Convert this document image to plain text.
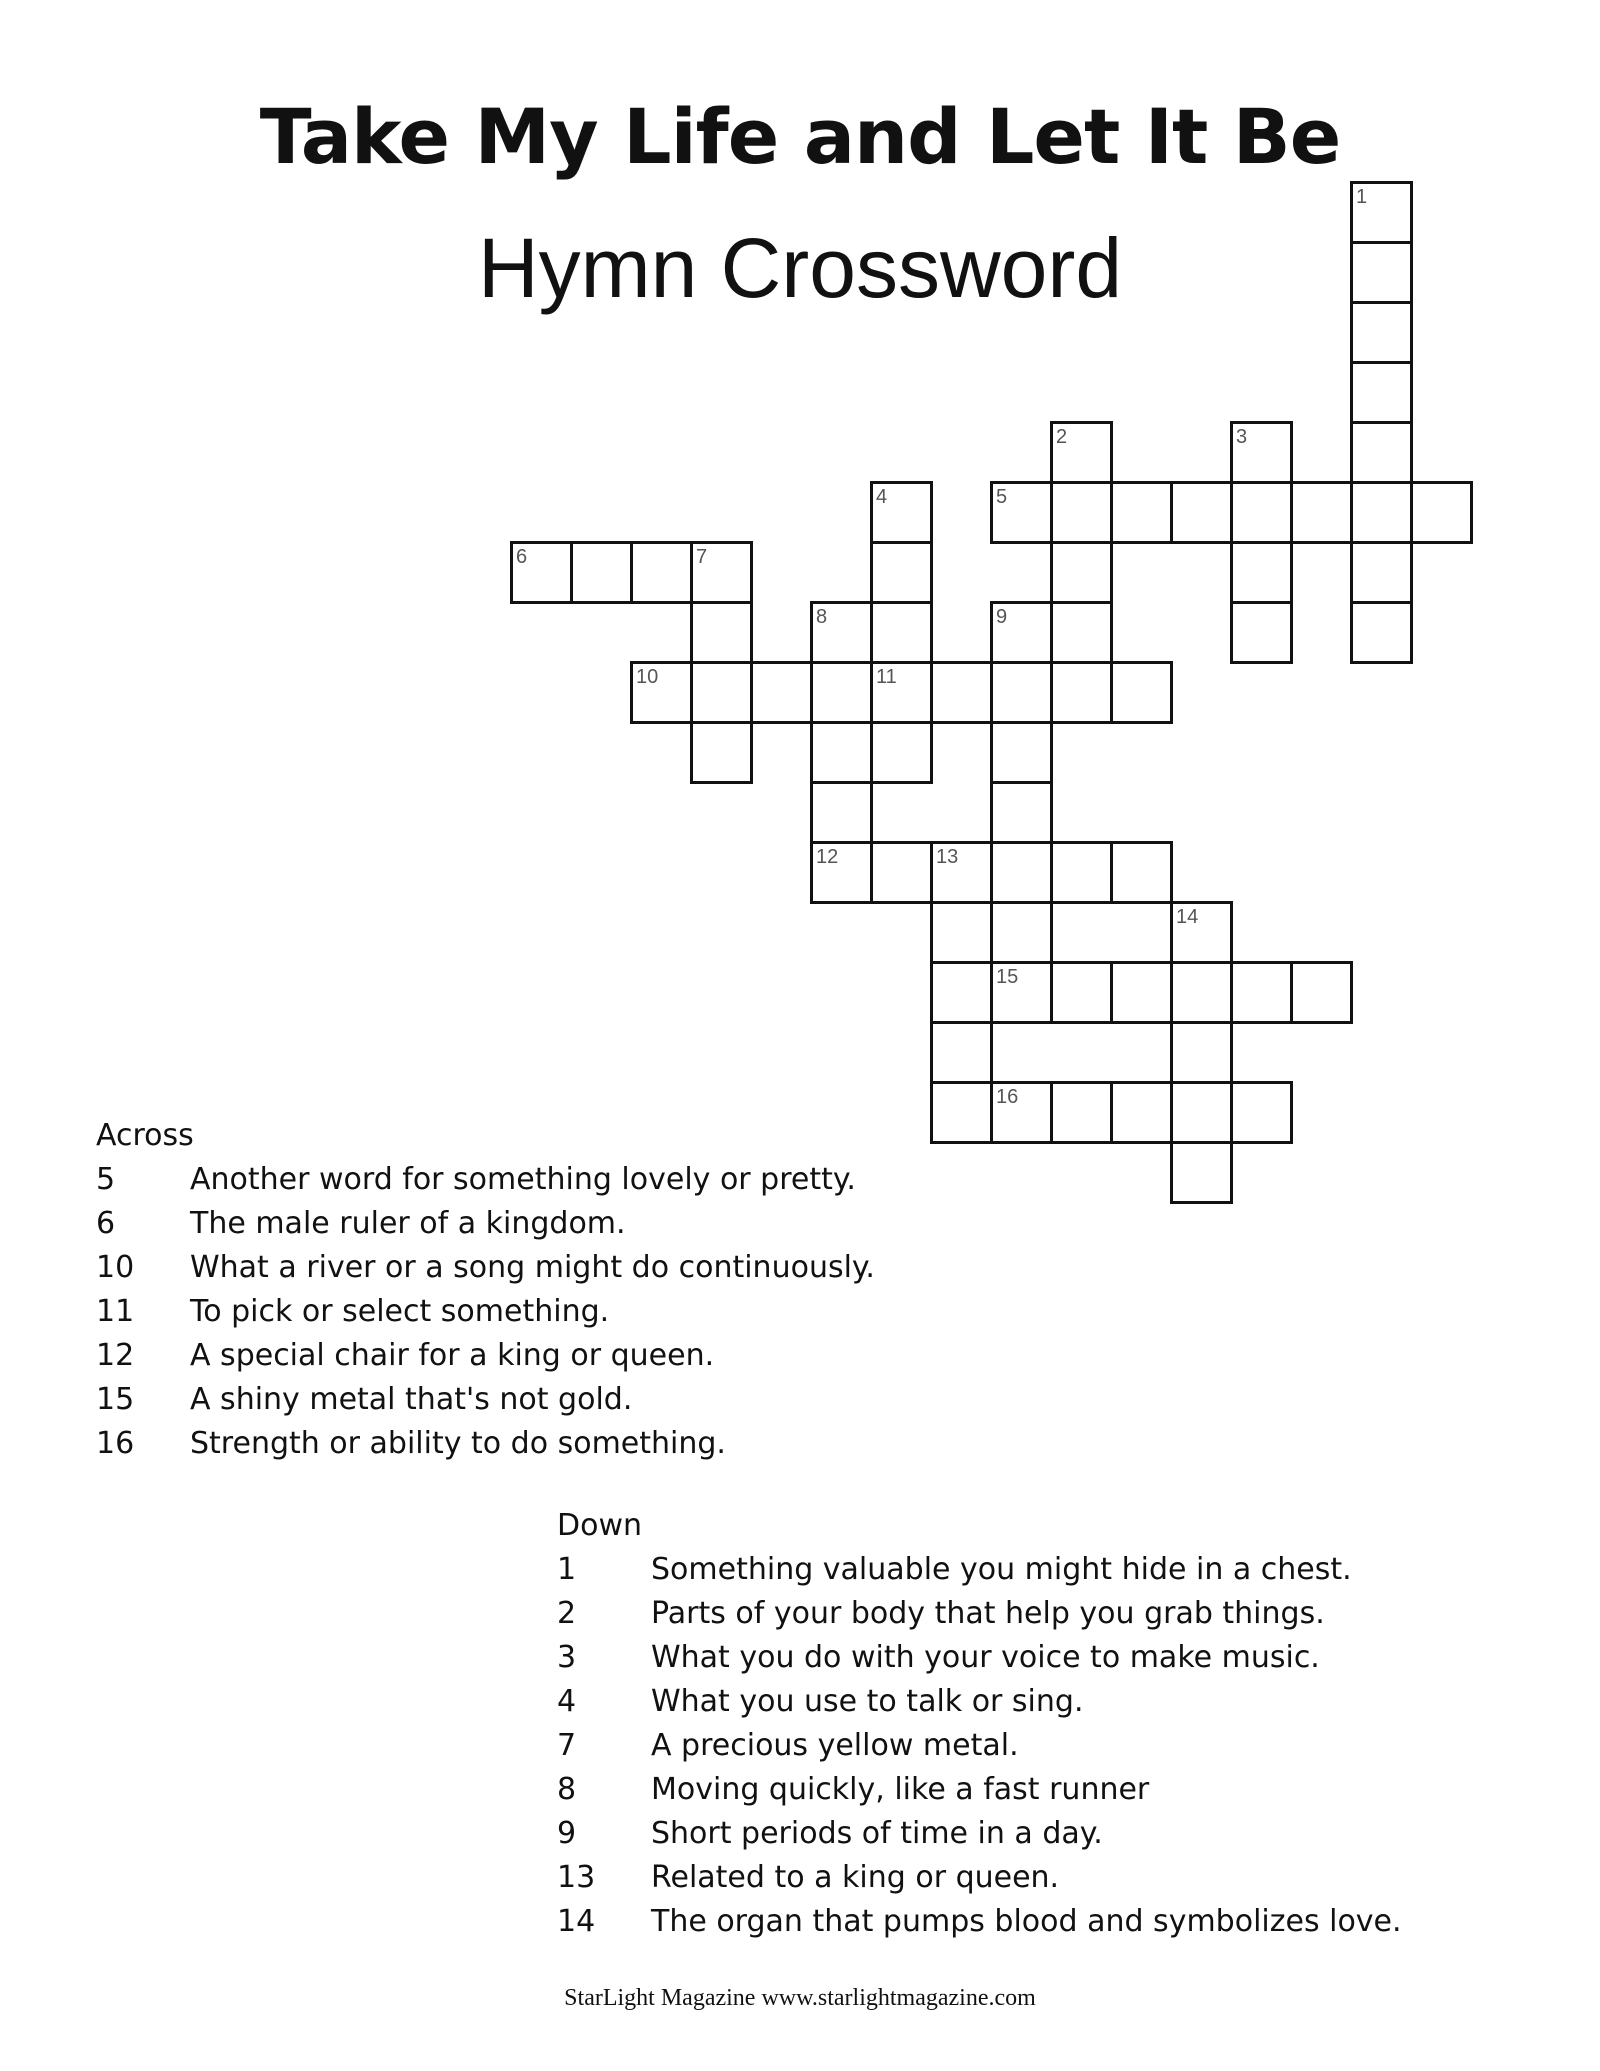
Take My Life and Let It Be
Hymn Crossword
1
2	3
4	5
6	7
8	9
10	11
12	13
14
15
16
Across
5	Another word for something lovely or pretty.
6	The male ruler of a kingdom.
10	What a river or a song might do continuously.
11	To pick or select something.
12	A special chair for a king or queen.
15	A shiny metal that's not gold.
16	Strength or ability to do something.
Down
1	Something valuable you might hide in a chest.
2	Parts of your body that help you grab things.
3	What you do with your voice to make music.
4	What you use to talk or sing.
7	A precious yellow metal.
8	Moving quickly, like a fast runner
9	Short periods of time in a day.
13	Related to a king or queen.
14	The organ that pumps blood and symbolizes love.
StarLight Magazine www.starlightmagazine.com
